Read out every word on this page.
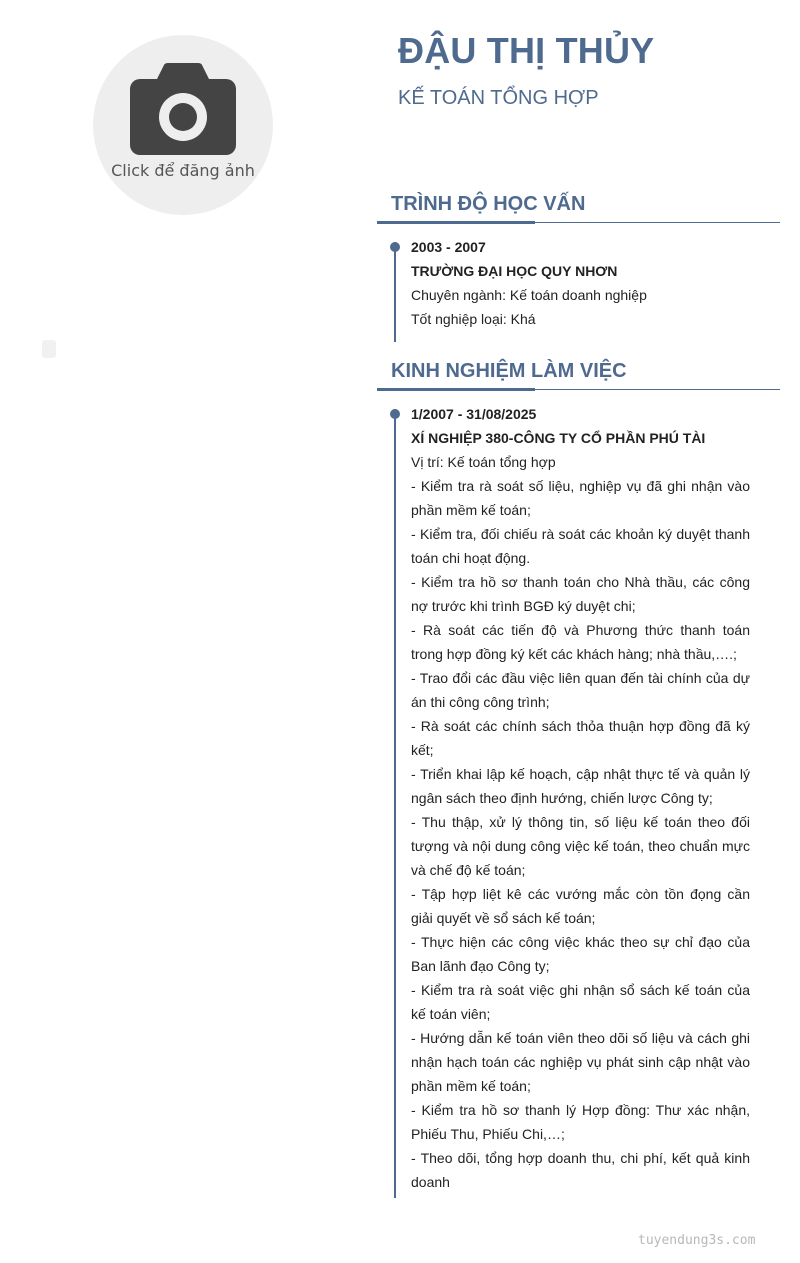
Click để đăng ảnh
ĐẬU THỊ THỦY
KẾ TOÁN TỔNG HỢP
TRÌNH ĐỘ HỌC VẤN

2003 - 2007

TRƯỜNG ĐẠI HỌC QUY NHƠN

Chuyên ngành: Kế toán doanh nghiệp

Tốt nghiệp loại: Khá

KINH NGHIỆM LÀM VIỆC

1/2007 - 31/08/2025

XÍ NGHIỆP 380-CÔNG TY CỔ PHẦN PHÚ TÀI

Vị trí: Kế toán tổng hợp

- Kiểm tra rà soát số liệu, nghiệp vụ đã ghi nhận vào phần mềm kế toán;

- Kiểm tra, đối chiếu rà soát các khoản ký duyệt thanh toán chi hoạt động.

- Kiểm tra hồ sơ thanh toán cho Nhà thầu, các công nợ trước khi trình BGĐ ký duyệt chi;

- Rà soát các tiến độ và Phương thức thanh toán trong hợp đồng ký kết các khách hàng; nhà thầu,….;

- Trao đổi các đầu việc liên quan đến tài chính của dự án thi công công trình;

- Rà soát các chính sách thỏa thuận hợp đồng đã ký kết;

- Triển khai lập kế hoạch, cập nhật thực tế và quản lý ngân sách theo định hướng, chiến lược Công ty;

- Thu thập, xử lý thông tin, số liệu kế toán theo đối tượng và nội dung công việc kế toán, theo chuẩn mực và chế độ kế toán;

- Tập hợp liệt kê các vướng mắc còn tồn đọng cần giải quyết về sổ sách kế toán;

- Thực hiện các công việc khác theo sự chỉ đạo của Ban lãnh đạo Công ty;

- Kiểm tra rà soát việc ghi nhận sổ sách kế toán của kế toán viên;

- Hướng dẫn kế toán viên theo dõi số liệu và cách ghi nhận hạch toán các nghiệp vụ phát sinh cập nhật vào phần mềm kế toán;

- Kiểm tra hồ sơ thanh lý Hợp đồng: Thư xác nhận, Phiếu Thu, Phiếu Chi,…;

- Theo dõi, tổng hợp doanh thu, chi phí, kết quả kinh doanh

tuyendung3s.com
